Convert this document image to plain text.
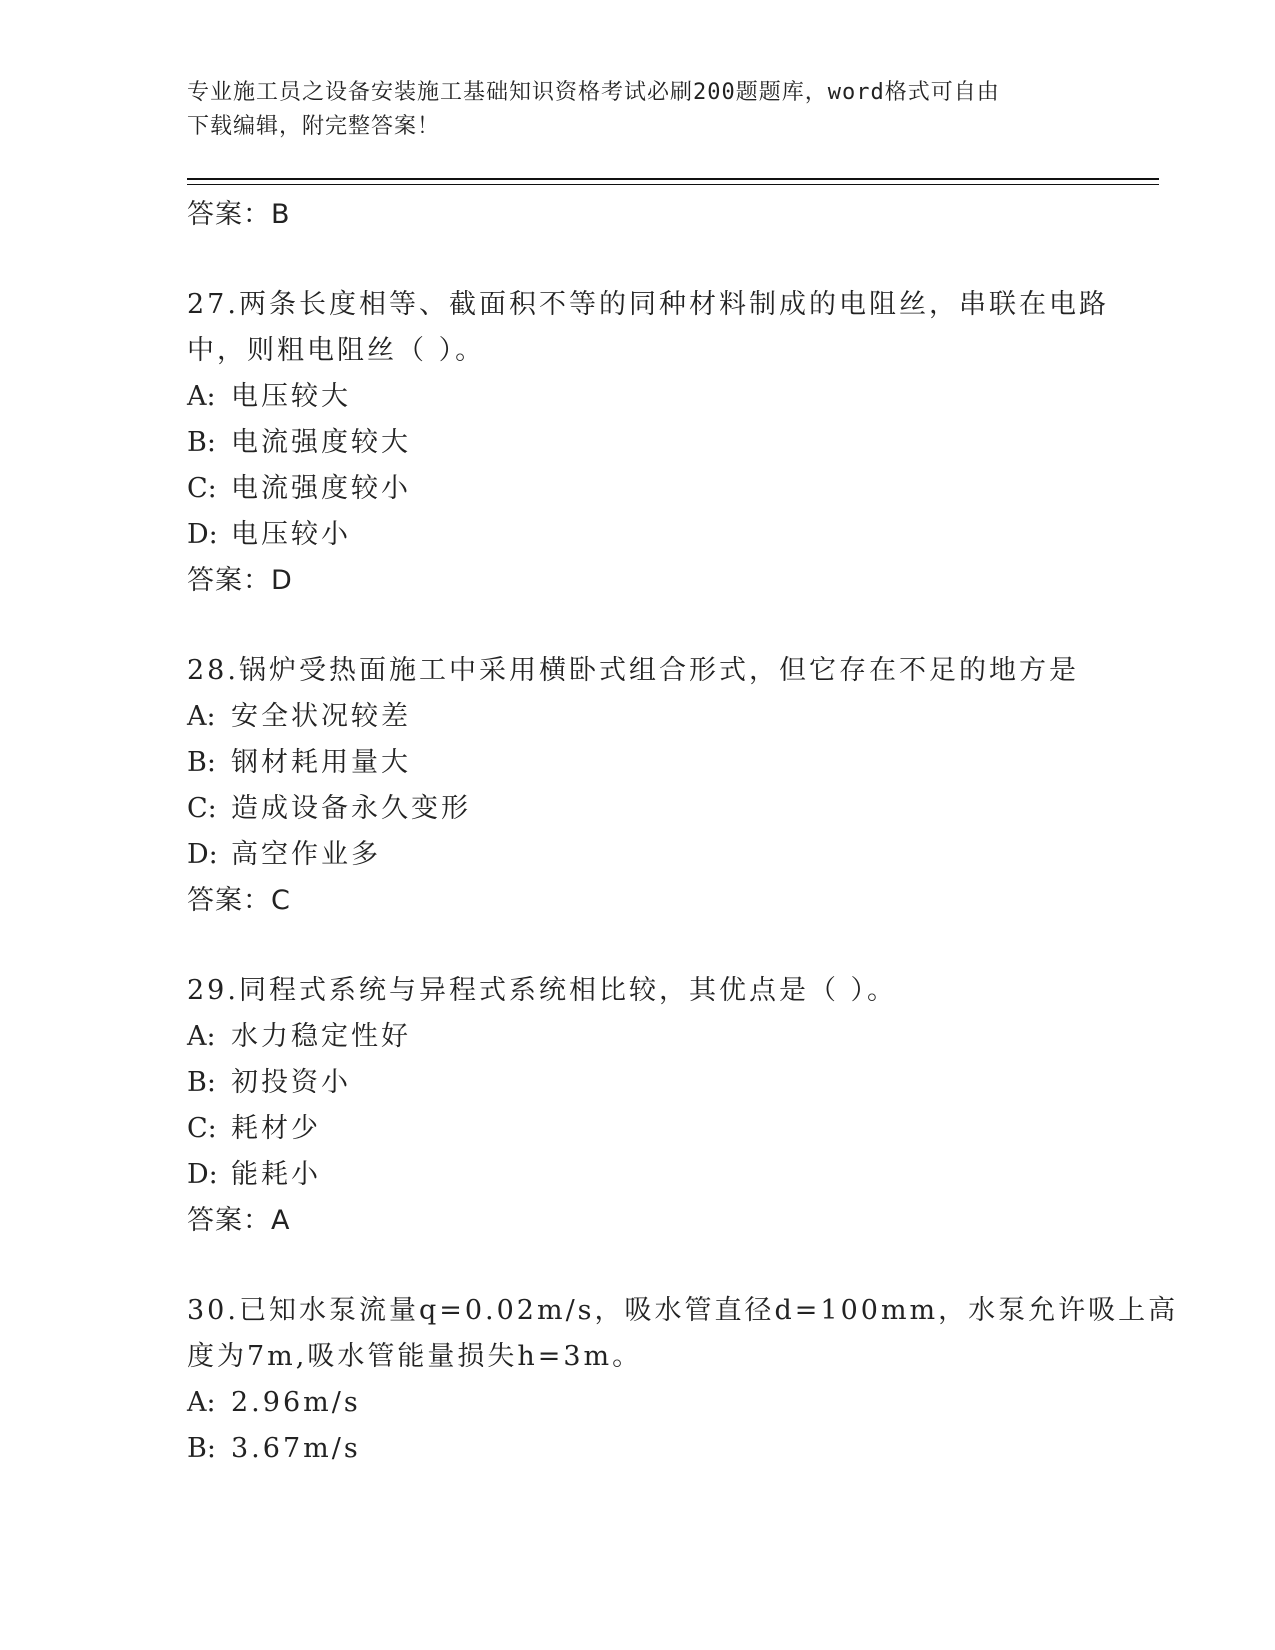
专业施工员之设备安装施工基础知识资格考试必刷200题题库，word格式可自由
下载编辑，附完整答案！
答案：B
27.两条长度相等、截面积不等的同种材料制成的电阻丝，串联在电路
中，则粗电阻丝（ ）。
A: 电压较大
B: 电流强度较大
C: 电流强度较小
D: 电压较小
答案：D
28.锅炉受热面施工中采用横卧式组合形式，但它存在不足的地方是
A: 安全状况较差
B: 钢材耗用量大
C: 造成设备永久变形
D: 高空作业多
答案：C
29.同程式系统与异程式系统相比较，其优点是（ ）。
A: 水力稳定性好
B: 初投资小
C: 耗材少
D: 能耗小
答案：A
30.已知水泵流量q=0.02m/s，吸水管直径d=100mm，水泵允许吸上高
度为7m,吸水管能量损失h=3m。
A: 2.96m/s
B: 3.67m/s
